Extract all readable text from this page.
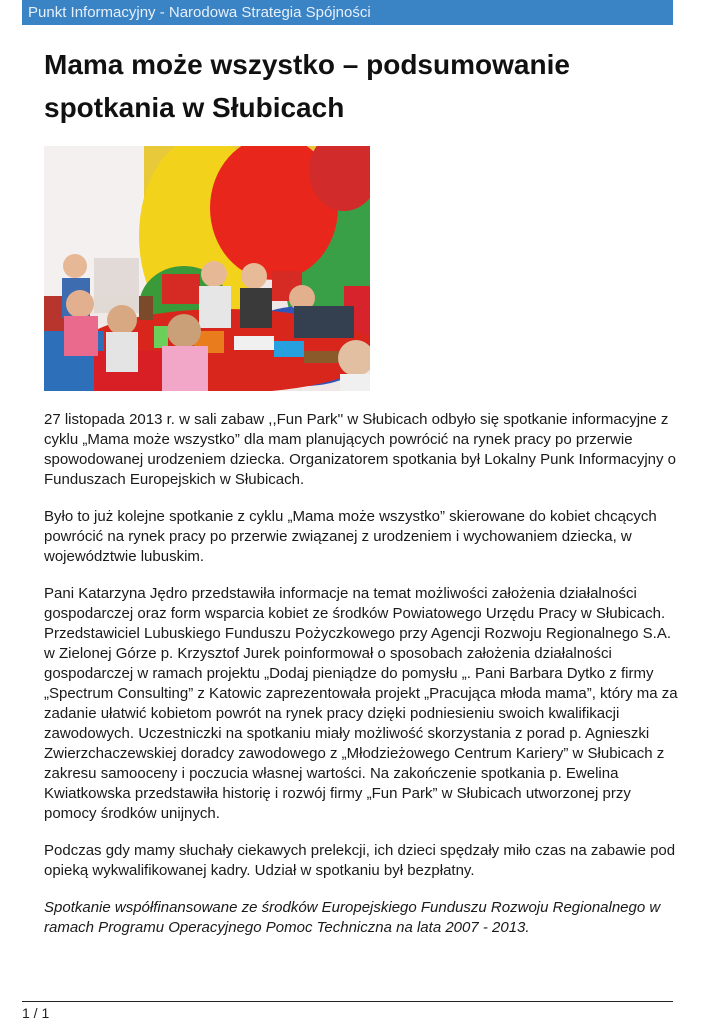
Punkt Informacyjny - Narodowa Strategia Spójności
Mama może wszystko – podsumowanie spotkania w Słubicach

27 listopada 2013 r. w sali zabaw ,,Fun Park'' w Słubicach odbyło się spotkanie informacyjne z cyklu „Mama może wszystko” dla mam planujących powrócić na rynek pracy po przerwie spowodowanej urodzeniem dziecka. Organizatorem spotkania był Lokalny Punk Informacyjny o Funduszach Europejskich w Słubicach.

Było to już kolejne spotkanie z cyklu „Mama może wszystko” skierowane do kobiet chcących powrócić na rynek pracy po przerwie związanej z urodzeniem i wychowaniem dziecka, w województwie lubuskim.

Pani Katarzyna Jędro przedstawiła informacje na temat możliwości założenia działalności gospodarczej oraz form wsparcia kobiet ze środków Powiatowego Urzędu Pracy w Słubicach. Przedstawiciel Lubuskiego Funduszu Pożyczkowego przy Agencji Rozwoju Regionalnego S.A. w Zielonej Górze p. Krzysztof Jurek poinformował o sposobach założenia działalności gospodarczej w ramach projektu „Dodaj pieniądze do pomysłu „. Pani Barbara Dytko z firmy „Spectrum Consulting” z Katowic zaprezentowała projekt „Pracująca młoda mama”, który ma za zadanie ułatwić kobietom powrót na rynek pracy dzięki podniesieniu swoich kwalifikacji zawodowych. Uczestniczki na spotkaniu miały możliwość skorzystania z porad p. Agnieszki Zwierzchaczewskiej doradcy zawodowego z „Młodzieżowego Centrum Kariery” w Słubicach z zakresu samooceny i poczucia własnej wartości. Na zakończenie spotkania p. Ewelina Kwiatkowska przedstawiła historię i rozwój firmy „Fun Park” w Słubicach utworzonej przy pomocy środków unijnych.

Podczas gdy mamy słuchały ciekawych prelekcji, ich dzieci spędzały miło czas na zabawie pod opieką wykwalifikowanej kadry. Udział w spotkaniu był bezpłatny.

Spotkanie współfinansowane ze środków Europejskiego Funduszu Rozwoju Regionalnego w ramach Programu Operacyjnego Pomoc Techniczna na lata 2007 - 2013.

1 / 1
